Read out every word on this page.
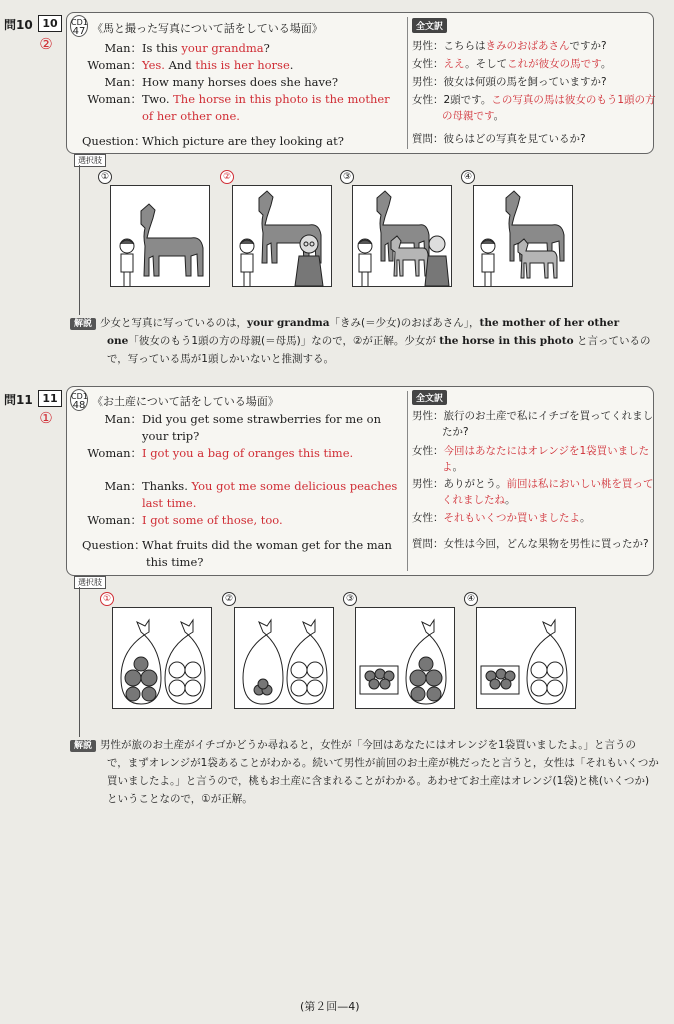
問10 10
②
CD1
47 《馬と撮った写真について話をしている場面》
Man：Is this your grandma?
Woman：Yes. And this is her horse.
Man：How many horses does she have?
Woman：Two. The horse in this photo is the mother
of her other one.
Question：Which picture are they looking at?
全文訳
男性：こちらはきみのおばあさんですか?
女性：ええ。そしてこれが彼女の馬です。
男性：彼女は何頭の馬を飼っていますか?
女性：2頭です。この写真の馬は彼女のもう1頭の方
の母親です。
質問：彼らはどの写真を見ているか?
選択肢
①	②	③	④
解説 少女と写真に写っているのは，your grandma「きみ(＝少女)のおばあさん」，the mother of her other
one「彼女のもう1頭の方の母親(＝母馬)」なので，②が正解。少女が the horse in this photo と言っているの
で，写っている馬が1頭しかいないと推測する。
問11 11
①
CD1
48 《お土産について話をしている場面》
Man：Did you get some strawberries for me on
your trip?
Woman：I got you a bag of oranges this time.
Man：Thanks. You got me some delicious peaches
last time.
Woman：I got some of those, too.
Question：What fruits did the woman get for the man
this time?
全文訳
男性：旅行のお土産で私にイチゴを買ってくれまし
たか?
女性：今回はあなたにはオレンジを1袋買いました
よ。
男性：ありがとう。前回は私においしい桃を買って
くれましたね。
女性：それもいくつか買いましたよ。
質問：女性は今回，どんな果物を男性に買ったか?
選択肢
①	②	③	④
解説 男性が旅のお土産がイチゴかどうか尋ねると，女性が「今回はあなたにはオレンジを1袋買いましたよ。」と言うの
で，まずオレンジが1袋あることがわかる。続いて男性が前回のお土産が桃だったと言うと，女性は「それもいくつか
買いましたよ。」と言うので，桃もお土産に含まれることがわかる。あわせてお土産はオレンジ(1袋)と桃(いくつか)
ということなので，①が正解。
(第２回—4)
